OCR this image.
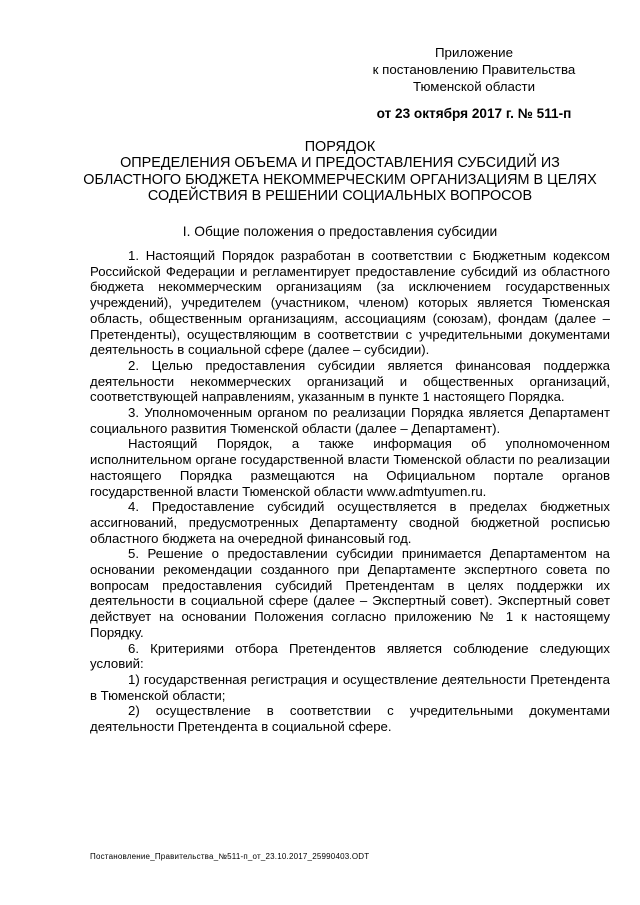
Приложение
к постановлению Правительства
Тюменской области
от 23 октября 2017 г. № 511-п
ПОРЯДОК
ОПРЕДЕЛЕНИЯ ОБЪЕМА И ПРЕДОСТАВЛЕНИЯ СУБСИДИЙ ИЗ
ОБЛАСТНОГО БЮДЖЕТА НЕКОММЕРЧЕСКИМ ОРГАНИЗАЦИЯМ В ЦЕЛЯХ
СОДЕЙСТВИЯ В РЕШЕНИИ СОЦИАЛЬНЫХ ВОПРОСОВ
I. Общие положения о предоставления субсидии

1. Настоящий Порядок разработан в соответствии с Бюджетным кодексом Российской Федерации и регламентирует предоставление субсидий из областного бюджета некоммерческим организациям (за исключением государственных учреждений), учредителем (участником, членом) которых является Тюменская область, общественным организациям, ассоциациям (союзам), фондам (далее – Претенденты), осуществляющим в соответствии с учредительными документами деятельность в социальной сфере (далее – субсидии).

2. Целью предоставления субсидии является финансовая поддержка деятельности некоммерческих организаций и общественных организаций, соответствующей направлениям, указанным в пункте 1 настоящего Порядка.

3. Уполномоченным органом по реализации Порядка является Департамент социального развития Тюменской области (далее – Департамент).

Настоящий Порядок, а также информация об уполномоченном исполнительном органе государственной власти Тюменской области по реализации настоящего Порядка размещаются на Официальном портале органов государственной власти Тюменской области www.admtyumen.ru.

4. Предоставление субсидий осуществляется в пределах бюджетных ассигнований, предусмотренных Департаменту сводной бюджетной росписью областного бюджета на очередной финансовый год.

5. Решение о предоставлении субсидии принимается Департаментом на основании рекомендации созданного при Департаменте экспертного совета по вопросам предоставления субсидий Претендентам в целях поддержки их деятельности в социальной сфере (далее – Экспертный совет). Экспертный совет действует на основании Положения согласно приложению № 1 к настоящему Порядку.

6. Критериями отбора Претендентов является соблюдение следующих условий:

1) государственная регистрация и осуществление деятельности Претендента в Тюменской области;

2) осуществление в соответствии с учредительными документами деятельности Претендента в социальной сфере.

Постановление_Правительства_№511-п_от_23.10.2017_25990403.ODT
